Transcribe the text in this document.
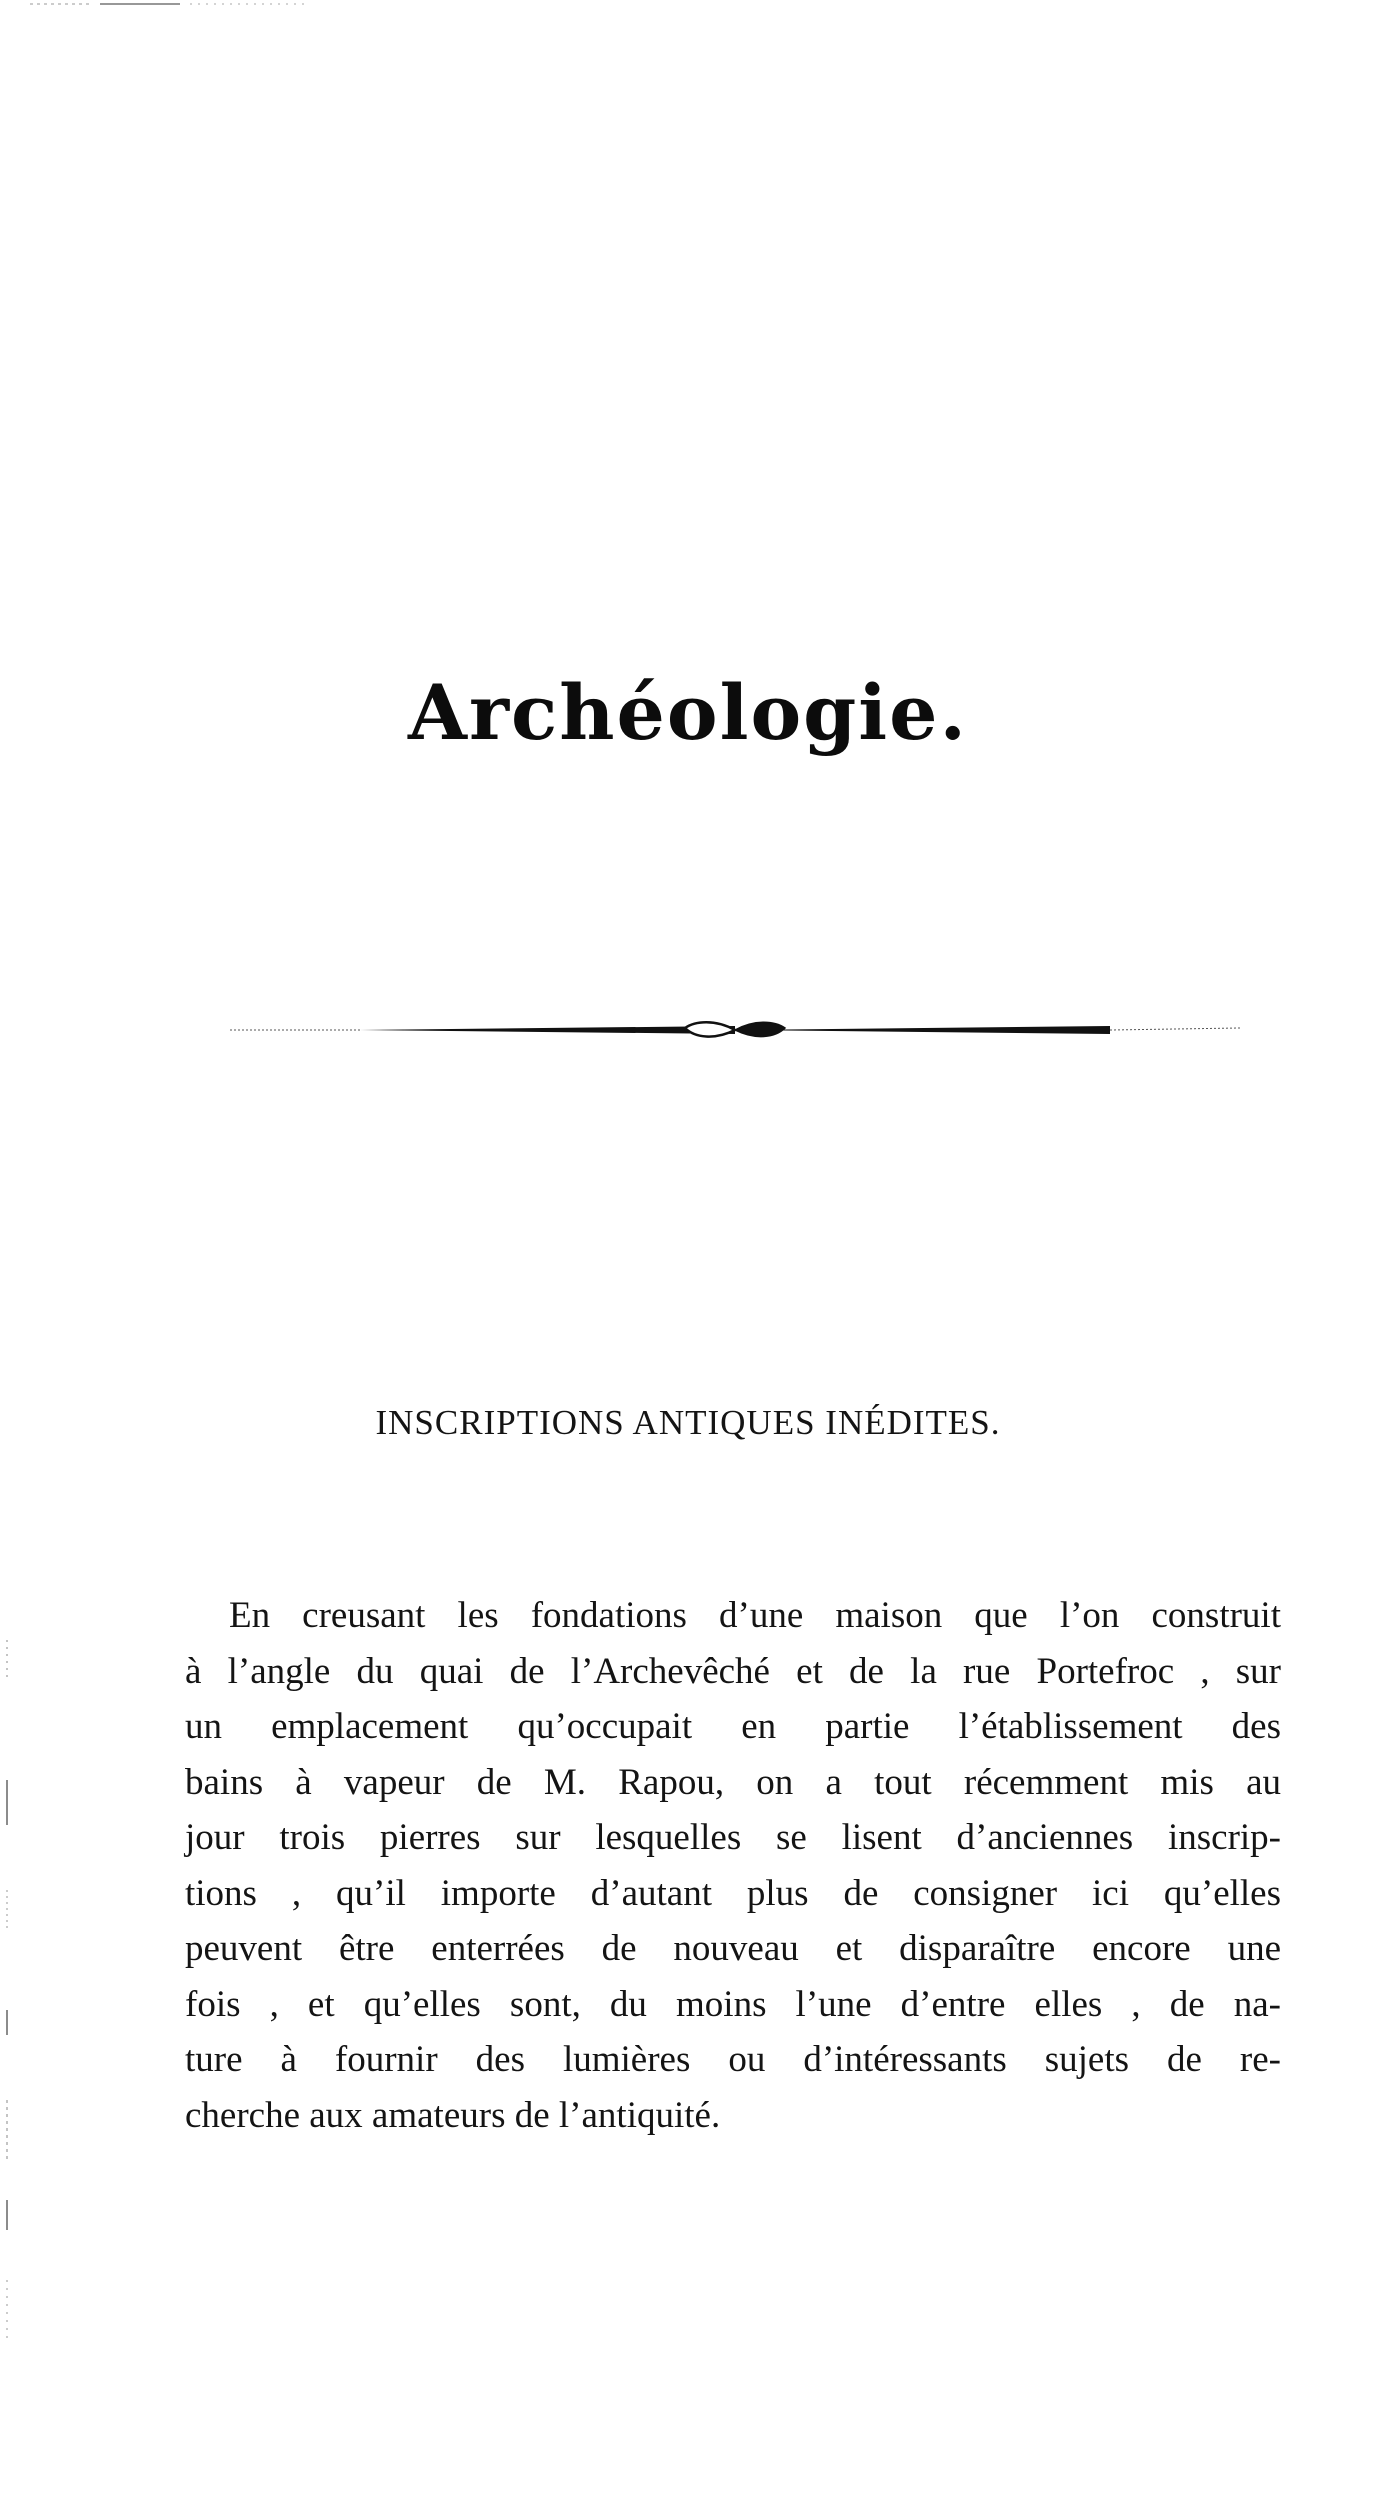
Archéologie.
INSCRIPTIONS ANTIQUES INÉDITES.
En creusant les fondations d’une maison que l’on construit
à l’angle du quai de l’Archevêché et de la rue Portefroc , sur
un emplacement qu’occupait en partie l’établissement des
bains à vapeur de M. Rapou, on a tout récemment mis au
jour trois pierres sur lesquelles se lisent d’anciennes inscrip-
tions , qu’il importe d’autant plus de consigner ici qu’elles
peuvent être enterrées de nouveau et disparaître encore une
fois , et qu’elles sont, du moins l’une d’entre elles , de na-
ture à fournir des lumières ou d’intéressants sujets de re-
cherche aux amateurs de l’antiquité.
